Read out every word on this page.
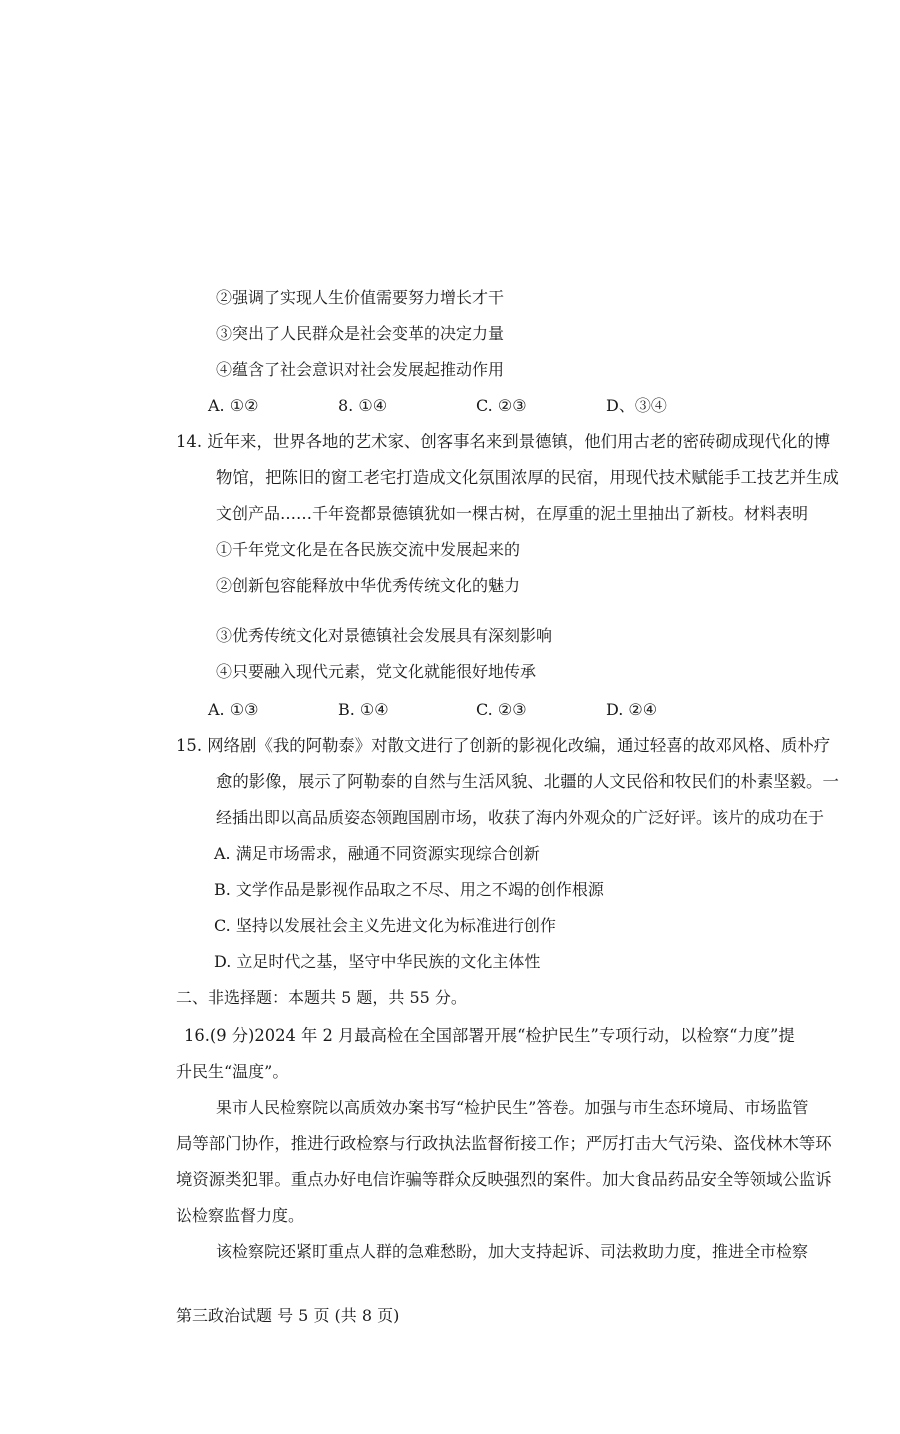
②强调了实现人生价值需要努力增长才干
③突出了人民群众是社会变革的决定力量
④蕴含了社会意识对社会发展起推动作用
A. ①②	8. ①④	C. ②③	D、③④
14. 近年来，世界各地的艺术家、创客事名来到景德镇，他们用古老的密砖砌成现代化的博
物馆，把陈旧的窗工老宅打造成文化氛围浓厚的民宿，用现代技术赋能手工技艺并生成
文创产品……千年瓷都景德镇犹如一棵古树，在厚重的泥土里抽出了新枝。材料表明
①千年党文化是在各民族交流中发展起来的
②创新包容能释放中华优秀传统文化的魅力
③优秀传统文化对景德镇社会发展具有深刻影响
④只要融入现代元素，党文化就能很好地传承
A. ①③	B. ①④	C. ②③	D. ②④
15. 网络剧《我的阿勒泰》对散文进行了创新的影视化改编，通过轻喜的故邓风格、质朴疗
愈的影像，展示了阿勒泰的自然与生活风貌、北疆的人文民俗和牧民们的朴素坚毅。一
经插出即以高品质姿态领跑国剧市场，收获了海内外观众的广泛好评。该片的成功在于
A. 满足市场需求，融通不同资源实现综合创新
B. 文学作品是影视作品取之不尽、用之不竭的创作根源
C. 坚持以发展社会主义先进文化为标准进行创作
D. 立足时代之基，坚守中华民族的文化主体性
二、非选择题：本题共 5 题，共 55 分。
16.(9 分)2024 年 2 月最高检在全国部署开展“检护民生”专项行动，以检察“力度”提
升民生“温度”。
果市人民检察院以高质效办案书写“检护民生”答卷。加强与市生态环境局、市场监管
局等部门协作，推进行政检察与行政执法监督衔接工作；严厉打击大气污染、盗伐林木等环
境资源类犯罪。重点办好电信诈骗等群众反映强烈的案件。加大食品药品安全等领域公监诉
讼检察监督力度。
该检察院还紧盯重点人群的急难愁盼，加大支持起诉、司法救助力度，推进全市检察
第三政治试题 号 5 页 (共 8 页)
